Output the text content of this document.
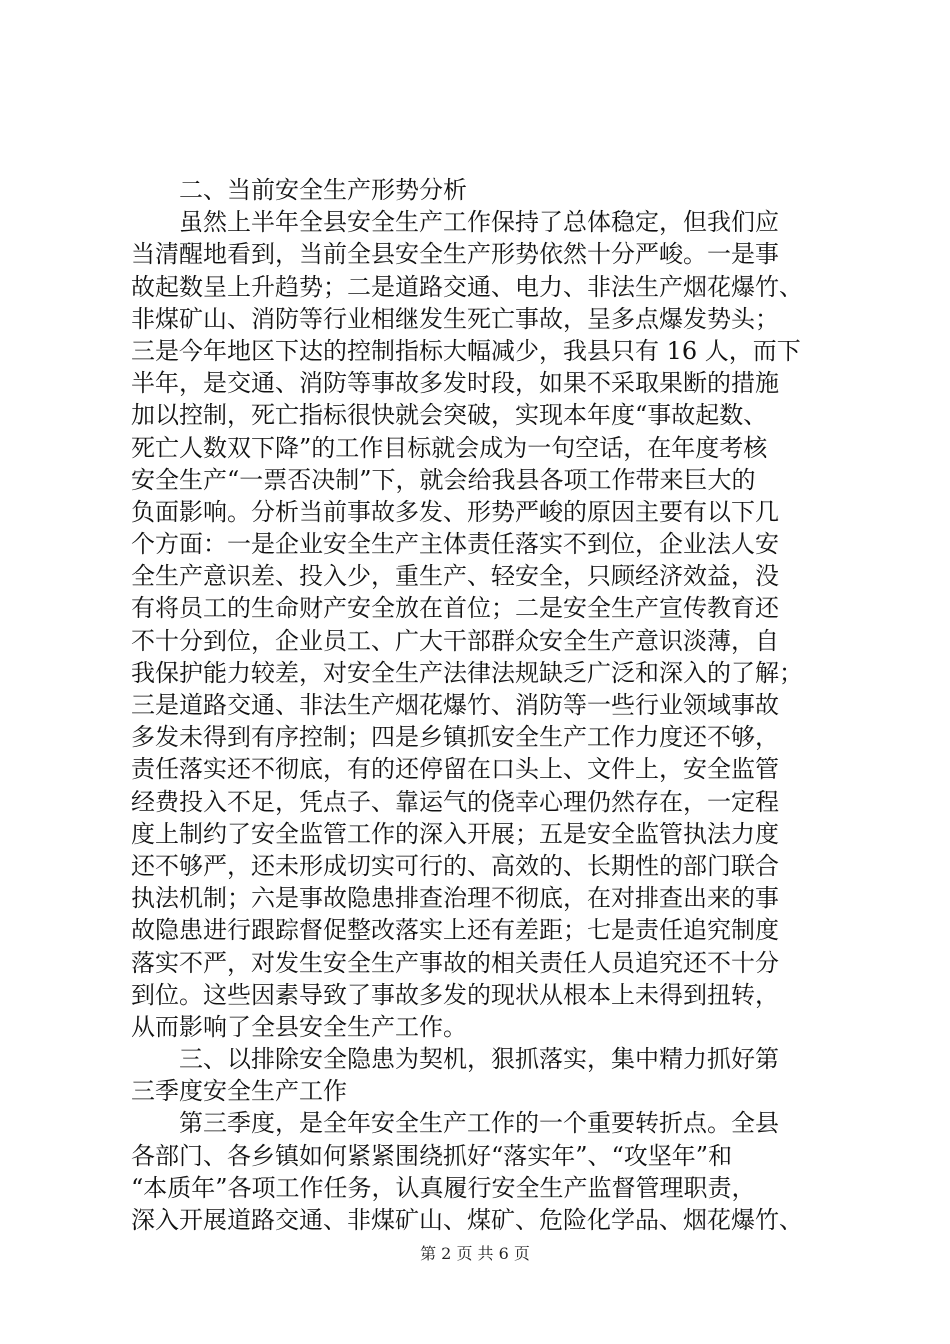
二、当前安全生产形势分析
虽然上半年全县安全生产工作保持了总体稳定，但我们应
当清醒地看到，当前全县安全生产形势依然十分严峻。一是事
故起数呈上升趋势；二是道路交通、电力、非法生产烟花爆竹、
非煤矿山、消防等行业相继发生死亡事故，呈多点爆发势头；
三是今年地区下达的控制指标大幅减少，我县只有 16 人，而下
半年，是交通、消防等事故多发时段，如果不采取果断的措施
加以控制，死亡指标很快就会突破，实现本年度“事故起数、
死亡人数双下降”的工作目标就会成为一句空话，在年度考核
安全生产“一票否决制”下，就会给我县各项工作带来巨大的
负面影响。分析当前事故多发、形势严峻的原因主要有以下几
个方面：一是企业安全生产主体责任落实不到位，企业法人安
全生产意识差、投入少，重生产、轻安全，只顾经济效益，没
有将员工的生命财产安全放在首位；二是安全生产宣传教育还
不十分到位，企业员工、广大干部群众安全生产意识淡薄，自
我保护能力较差，对安全生产法律法规缺乏广泛和深入的了解；
三是道路交通、非法生产烟花爆竹、消防等一些行业领域事故
多发未得到有序控制；四是乡镇抓安全生产工作力度还不够，
责任落实还不彻底，有的还停留在口头上、文件上，安全监管
经费投入不足，凭点子、靠运气的侥幸心理仍然存在，一定程
度上制约了安全监管工作的深入开展；五是安全监管执法力度
还不够严，还未形成切实可行的、高效的、长期性的部门联合
执法机制；六是事故隐患排查治理不彻底，在对排查出来的事
故隐患进行跟踪督促整改落实上还有差距；七是责任追究制度
落实不严，对发生安全生产事故的相关责任人员追究还不十分
到位。这些因素导致了事故多发的现状从根本上未得到扭转，
从而影响了全县安全生产工作。
三、以排除安全隐患为契机，狠抓落实，集中精力抓好第
三季度安全生产工作
第三季度，是全年安全生产工作的一个重要转折点。全县
各部门、各乡镇如何紧紧围绕抓好“落实年”、“攻坚年”和
“本质年”各项工作任务，认真履行安全生产监督管理职责，
深入开展道路交通、非煤矿山、煤矿、危险化学品、烟花爆竹、
第 2 页 共 6 页
